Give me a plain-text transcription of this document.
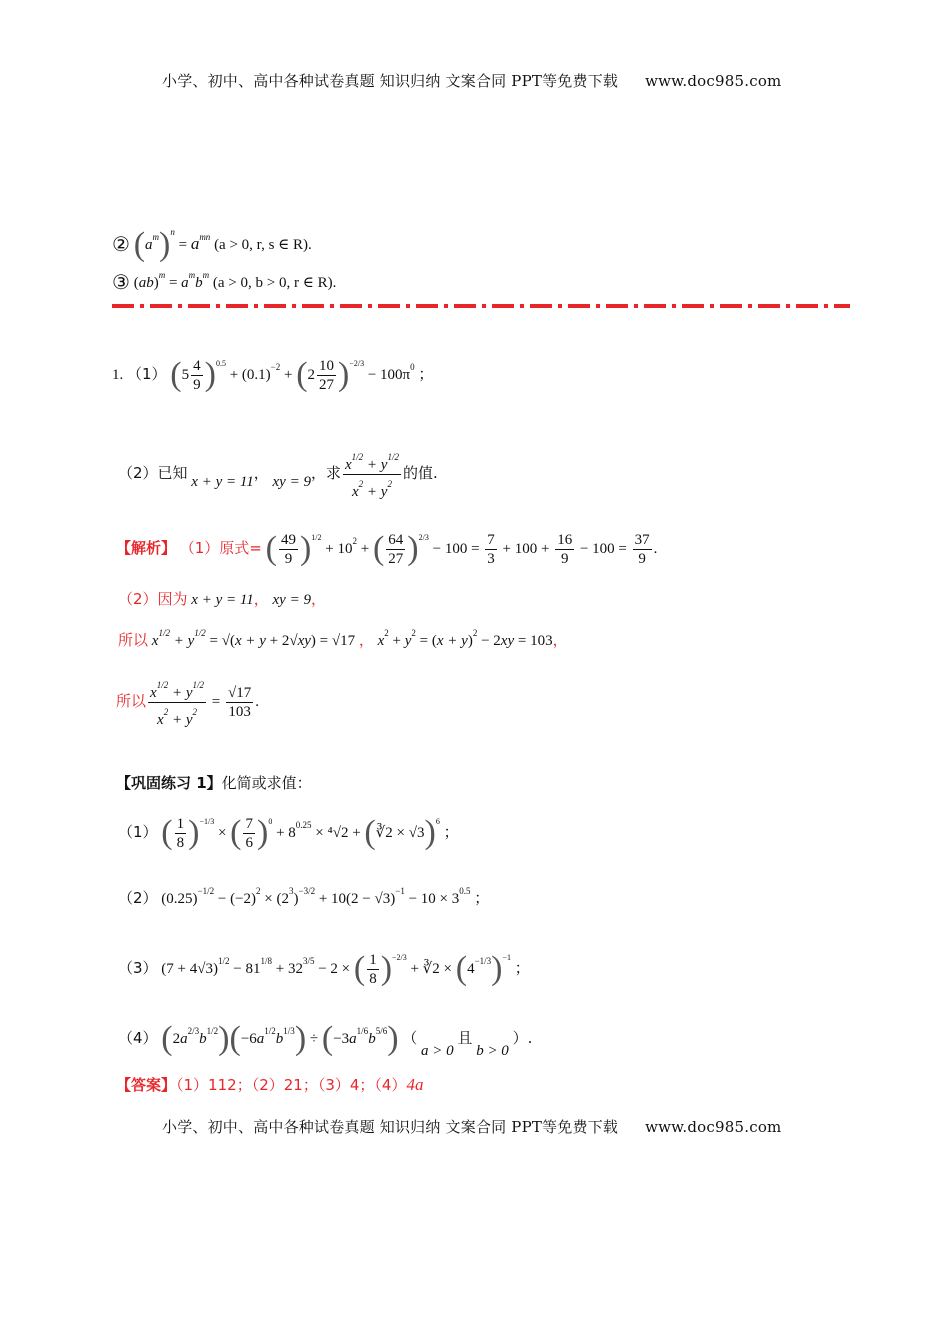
小学、初中、高中各种试卷真题 知识归纳 文案合同 PPT等免费下载 www.doc985.com
② $(a^m)^n = a^{mn}$ (a > 0, r, s ∈ R).
③ $(ab)^m = a^mb^m$ (a > 0, b > 0, r ∈ R).
1. （1） $(5 \frac{4}{9} )^{0.5} + (0.1)^{-2} + (2 \frac{10}{27} )^{-2/3} - 100\pi^0$ ；
（2）已知 x + y = 11， xy = 9，求 $\frac{x^{1/2} + y^{1/2}}{x^2 + y^2}$ 的值.
【解析】 （1）原式= ( $\frac{49}{9} )^{1/2} + 10^2$ + ( $\frac{64}{27} )^{2/3} - 100 = \frac{7}{3} + 100 + \frac{16}{9} - 100 = \frac{37}{9}$ .
（2）因为 x + y = 11， xy = 9，
所以 $x^{1/2} + y^{1/2} = √(x + y + 2√xy) = √17$ ， $x^2 + y^2 = (x + y)^2 - 2xy = 103$，
所以 $\frac{x^{1/2} + y^{1/2}}{x^2 + y^2} = \frac{√17}{103}$ .
【巩固练习 1】化简或求值：
（1） ( $\frac{1}{8} )^{-1/3}$ × ( $\frac{7}{6} )^0 + 8^{0.25} \times ^4√2$ + (∛2 × √3)$^6$ ；
（2） $(0.25)^{-1/2} - (-2)^2 \times (2^3)^{-3/2} + 10(2 - √3)^{-1} - 10 \times 3^{0.5}$ ；
（3） $(7 + 4√3)^{1/2} - 81^{1/8} + 32^{3/5} - 2$ × ( $\frac{1}{8} )^{-2/3}$ + ∛2 × $(4^{-1/3})^{-1}$ ；
（4） $(2a^{2/3}b^{1/2})(-6a^{1/2}b^{1/3}) \div (-3a^{1/6}b^{5/6})$ （ a > 0 且 b > 0 ）.
【答案】（1）112；（2）21；（3）4；（4）4a
小学、初中、高中各种试卷真题 知识归纳 文案合同 PPT等免费下载 www.doc985.com
